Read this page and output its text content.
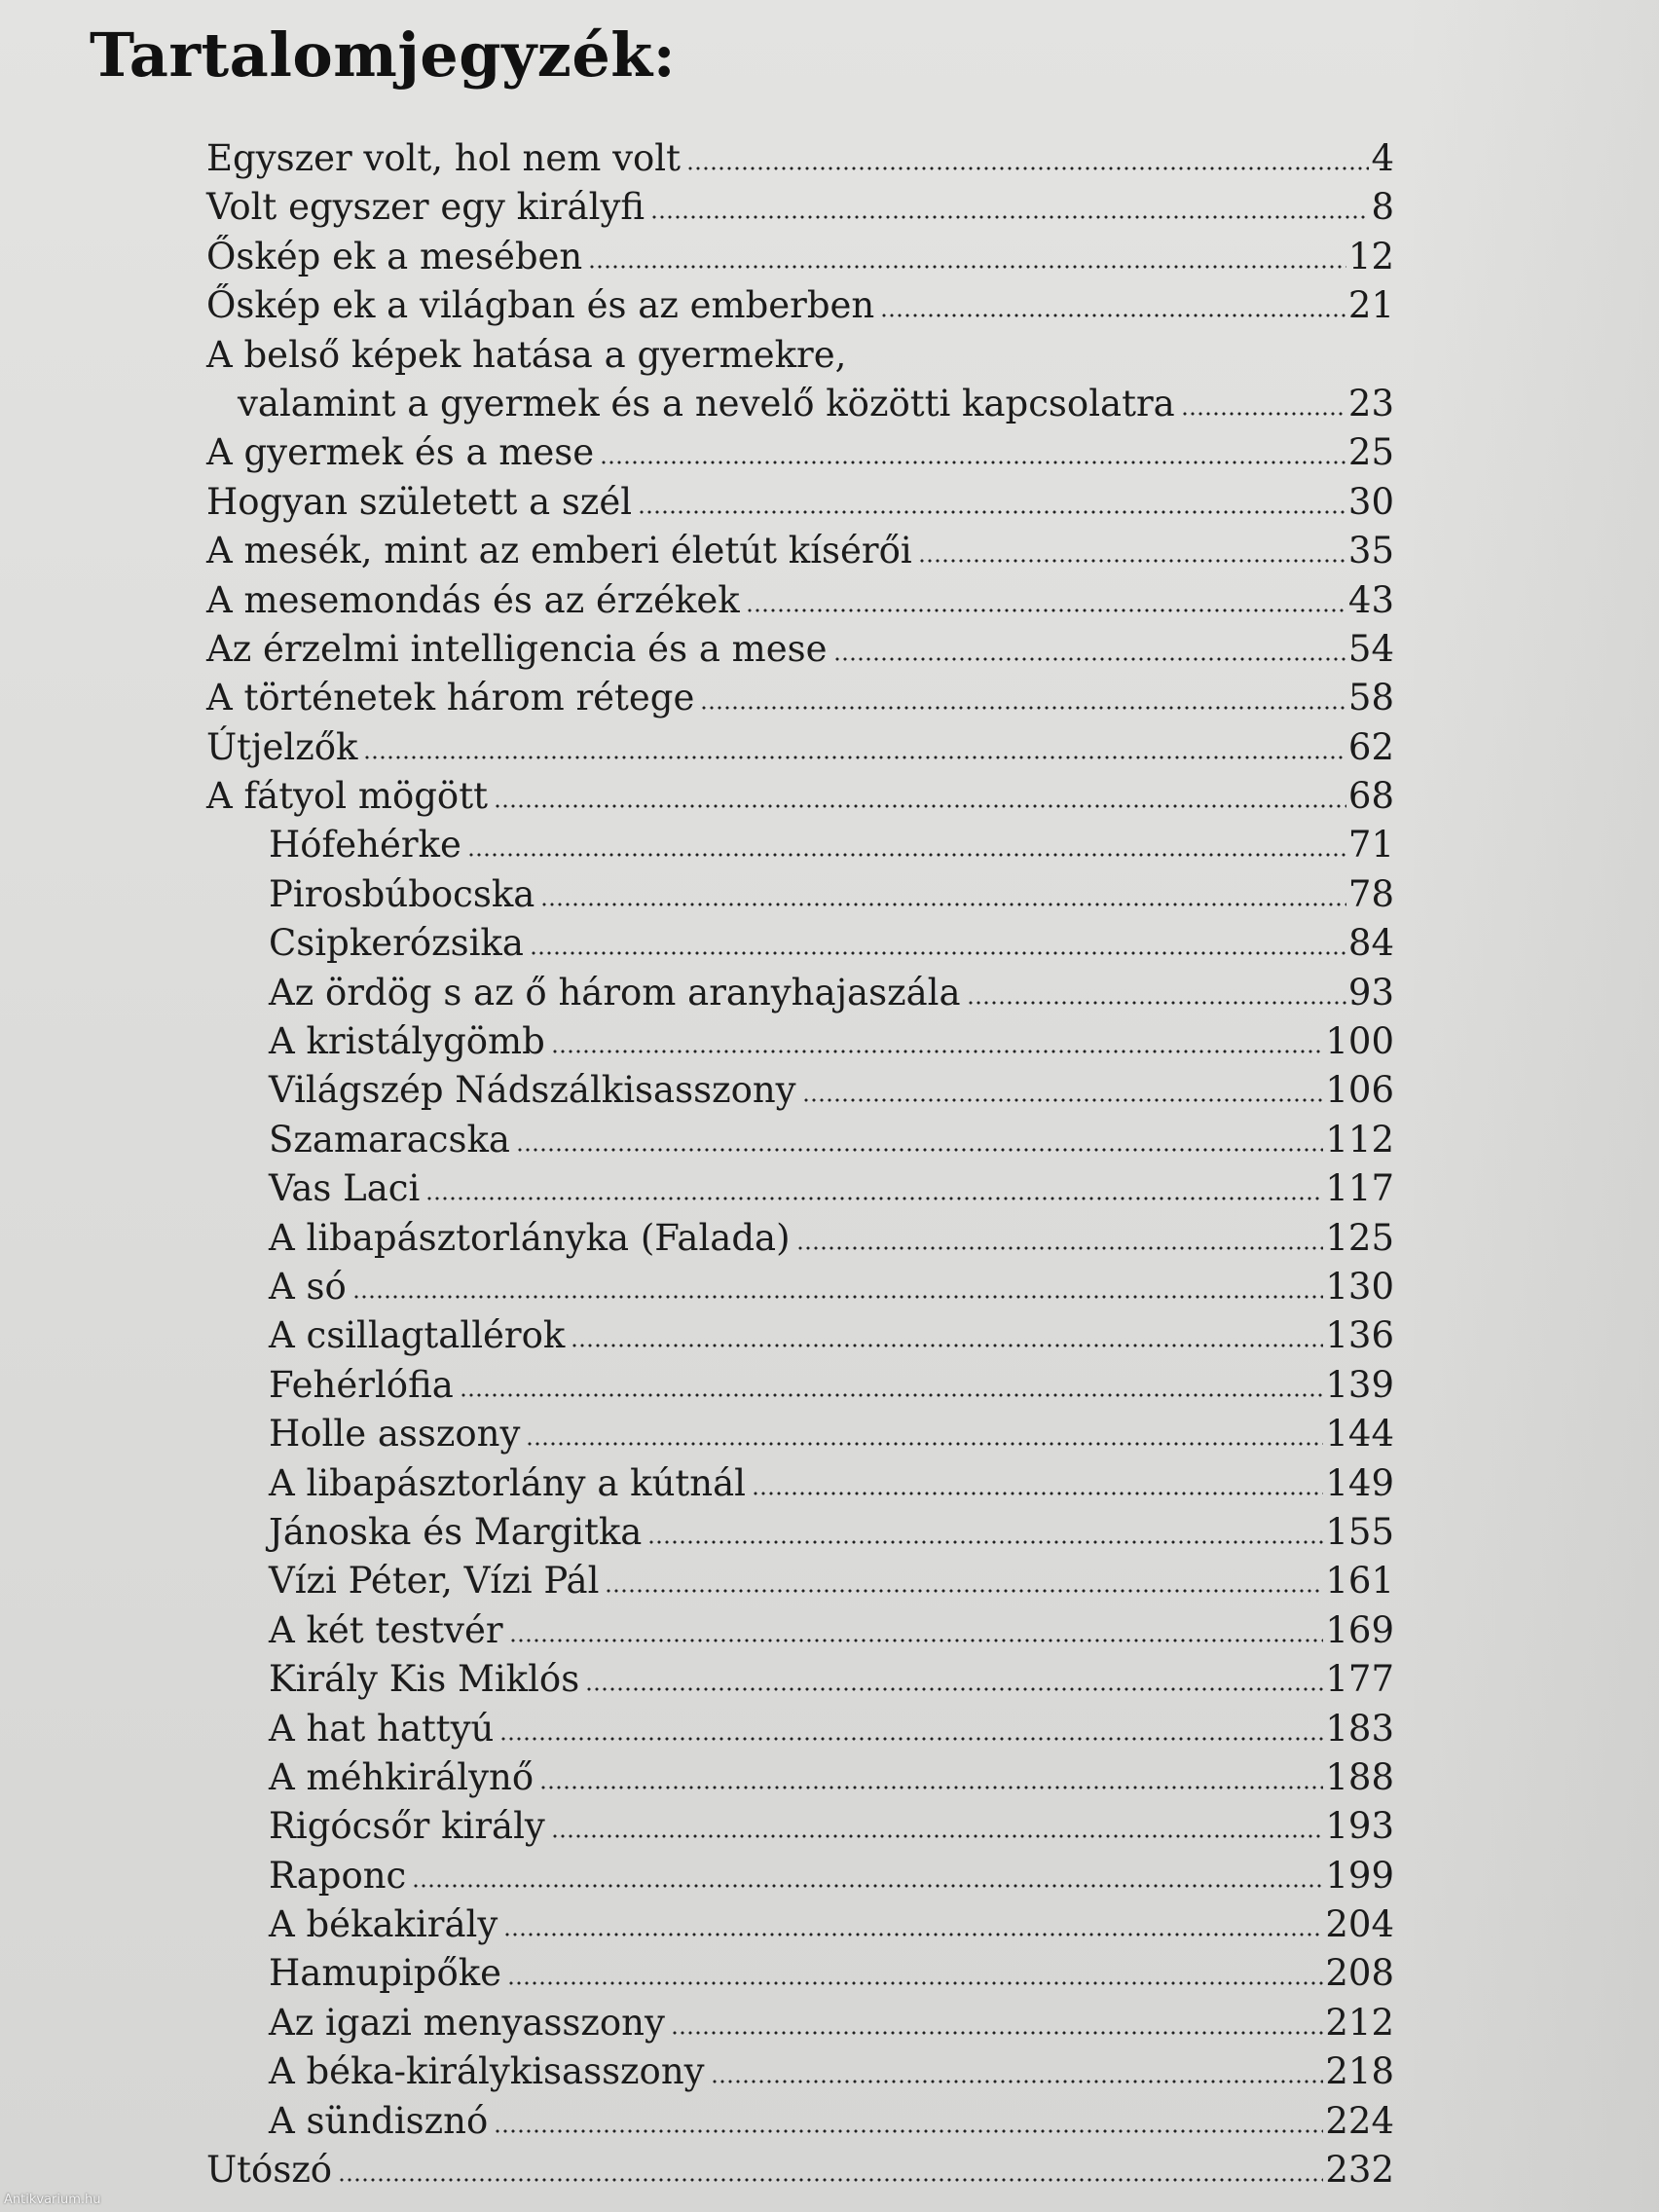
Tartalomjegyzék:
Egyszer volt, hol nem volt	4
Volt egyszer egy királyfi	8
Őskép ek a mesében	12
Őskép ek a világban és az emberben	21
A belső képek hatása a gyermekre,
valamint a gyermek és a nevelő közötti kapcsolatra	23
A gyermek és a mese	25
Hogyan született a szél	30
A mesék, mint az emberi életút kísérői	35
A mesemondás és az érzékek	43
Az érzelmi intelligencia és a mese	54
A történetek három rétege	58
Útjelzők	62
A fátyol mögött	68
Hófehérke	71
Pirosbúbocska	78
Csipkerózsika	84
Az ördög s az ő három aranyhajaszála	93
A kristálygömb	100
Világszép Nádszálkisasszony	106
Szamaracska	112
Vas Laci	117
A libapásztorlányka (Falada)	125
A só	130
A csillagtallérok	136
Fehérlófia	139
Holle asszony	144
A libapásztorlány a kútnál	149
Jánoska és Margitka	155
Vízi Péter, Vízi Pál	161
A két testvér	169
Király Kis Miklós	177
A hat hattyú	183
A méhkirálynő	188
Rigócsőr király	193
Raponc	199
A békakirály	204
Hamupipőke	208
Az igazi menyasszony	212
A béka-királykisasszony	218
A sündisznó	224
Utószó	232
Antikvarium.hu
